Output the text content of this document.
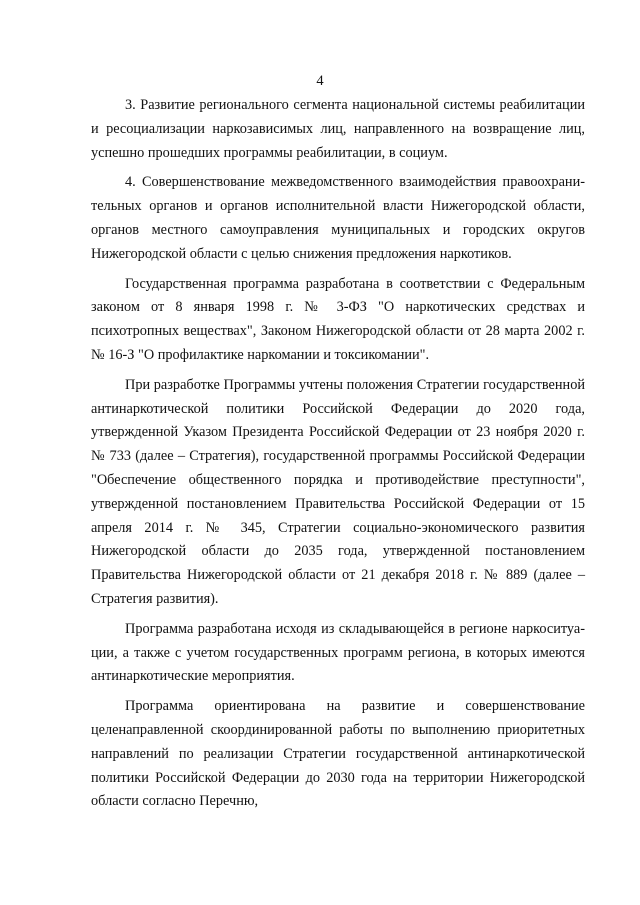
4

3. Развитие регионального сегмента национальной системы реабилитации и ресоциализации наркозависимых лиц, направленного на возвращение лиц, успешно прошедших программы реабилитации, в социум.

4. Совершенствование межведомственного взаимодействия правоохранительных органов и органов исполнительной власти Нижегородской области, органов местного самоуправления муниципальных и городских округов Нижегородской области с целью снижения предложения наркотиков.

Государственная программа разработана в соответствии с Федеральным законом от 8 января 1998 г. № 3-ФЗ "О наркотических средствах и психотропных веществах", Законом Нижегородской области от 28 марта 2002 г. № 16-З "О профилактике наркомании и токсикомании".

При разработке Программы учтены положения Стратегии государственной антинаркотической политики Российской Федерации до 2020 года, утвержденной Указом Президента Российской Федерации от 23 ноября 2020 г. № 733 (далее – Стратегия), государственной программы Российской Федерации "Обеспечение общественного порядка и противодействие преступности", утвержденной постановлением Правительства Российской Федерации от 15 апреля 2014 г. № 345, Стратегии социально-экономического развития Нижегородской области до 2035 года, утвержденной постановлением Правительства Нижегородской области от 21 декабря 2018 г. № 889 (далее – Стратегия развития).

Программа разработана исходя из складывающейся в регионе наркоситуации, а также с учетом государственных программ региона, в которых имеются антинаркотические мероприятия.

Программа ориентирована на развитие и совершенствование целенаправленной скоординированной работы по выполнению приоритетных направлений по реализации Стратегии государственной антинаркотической политики Российской Федерации до 2030 года на территории Нижегородской области согласно Перечню,
